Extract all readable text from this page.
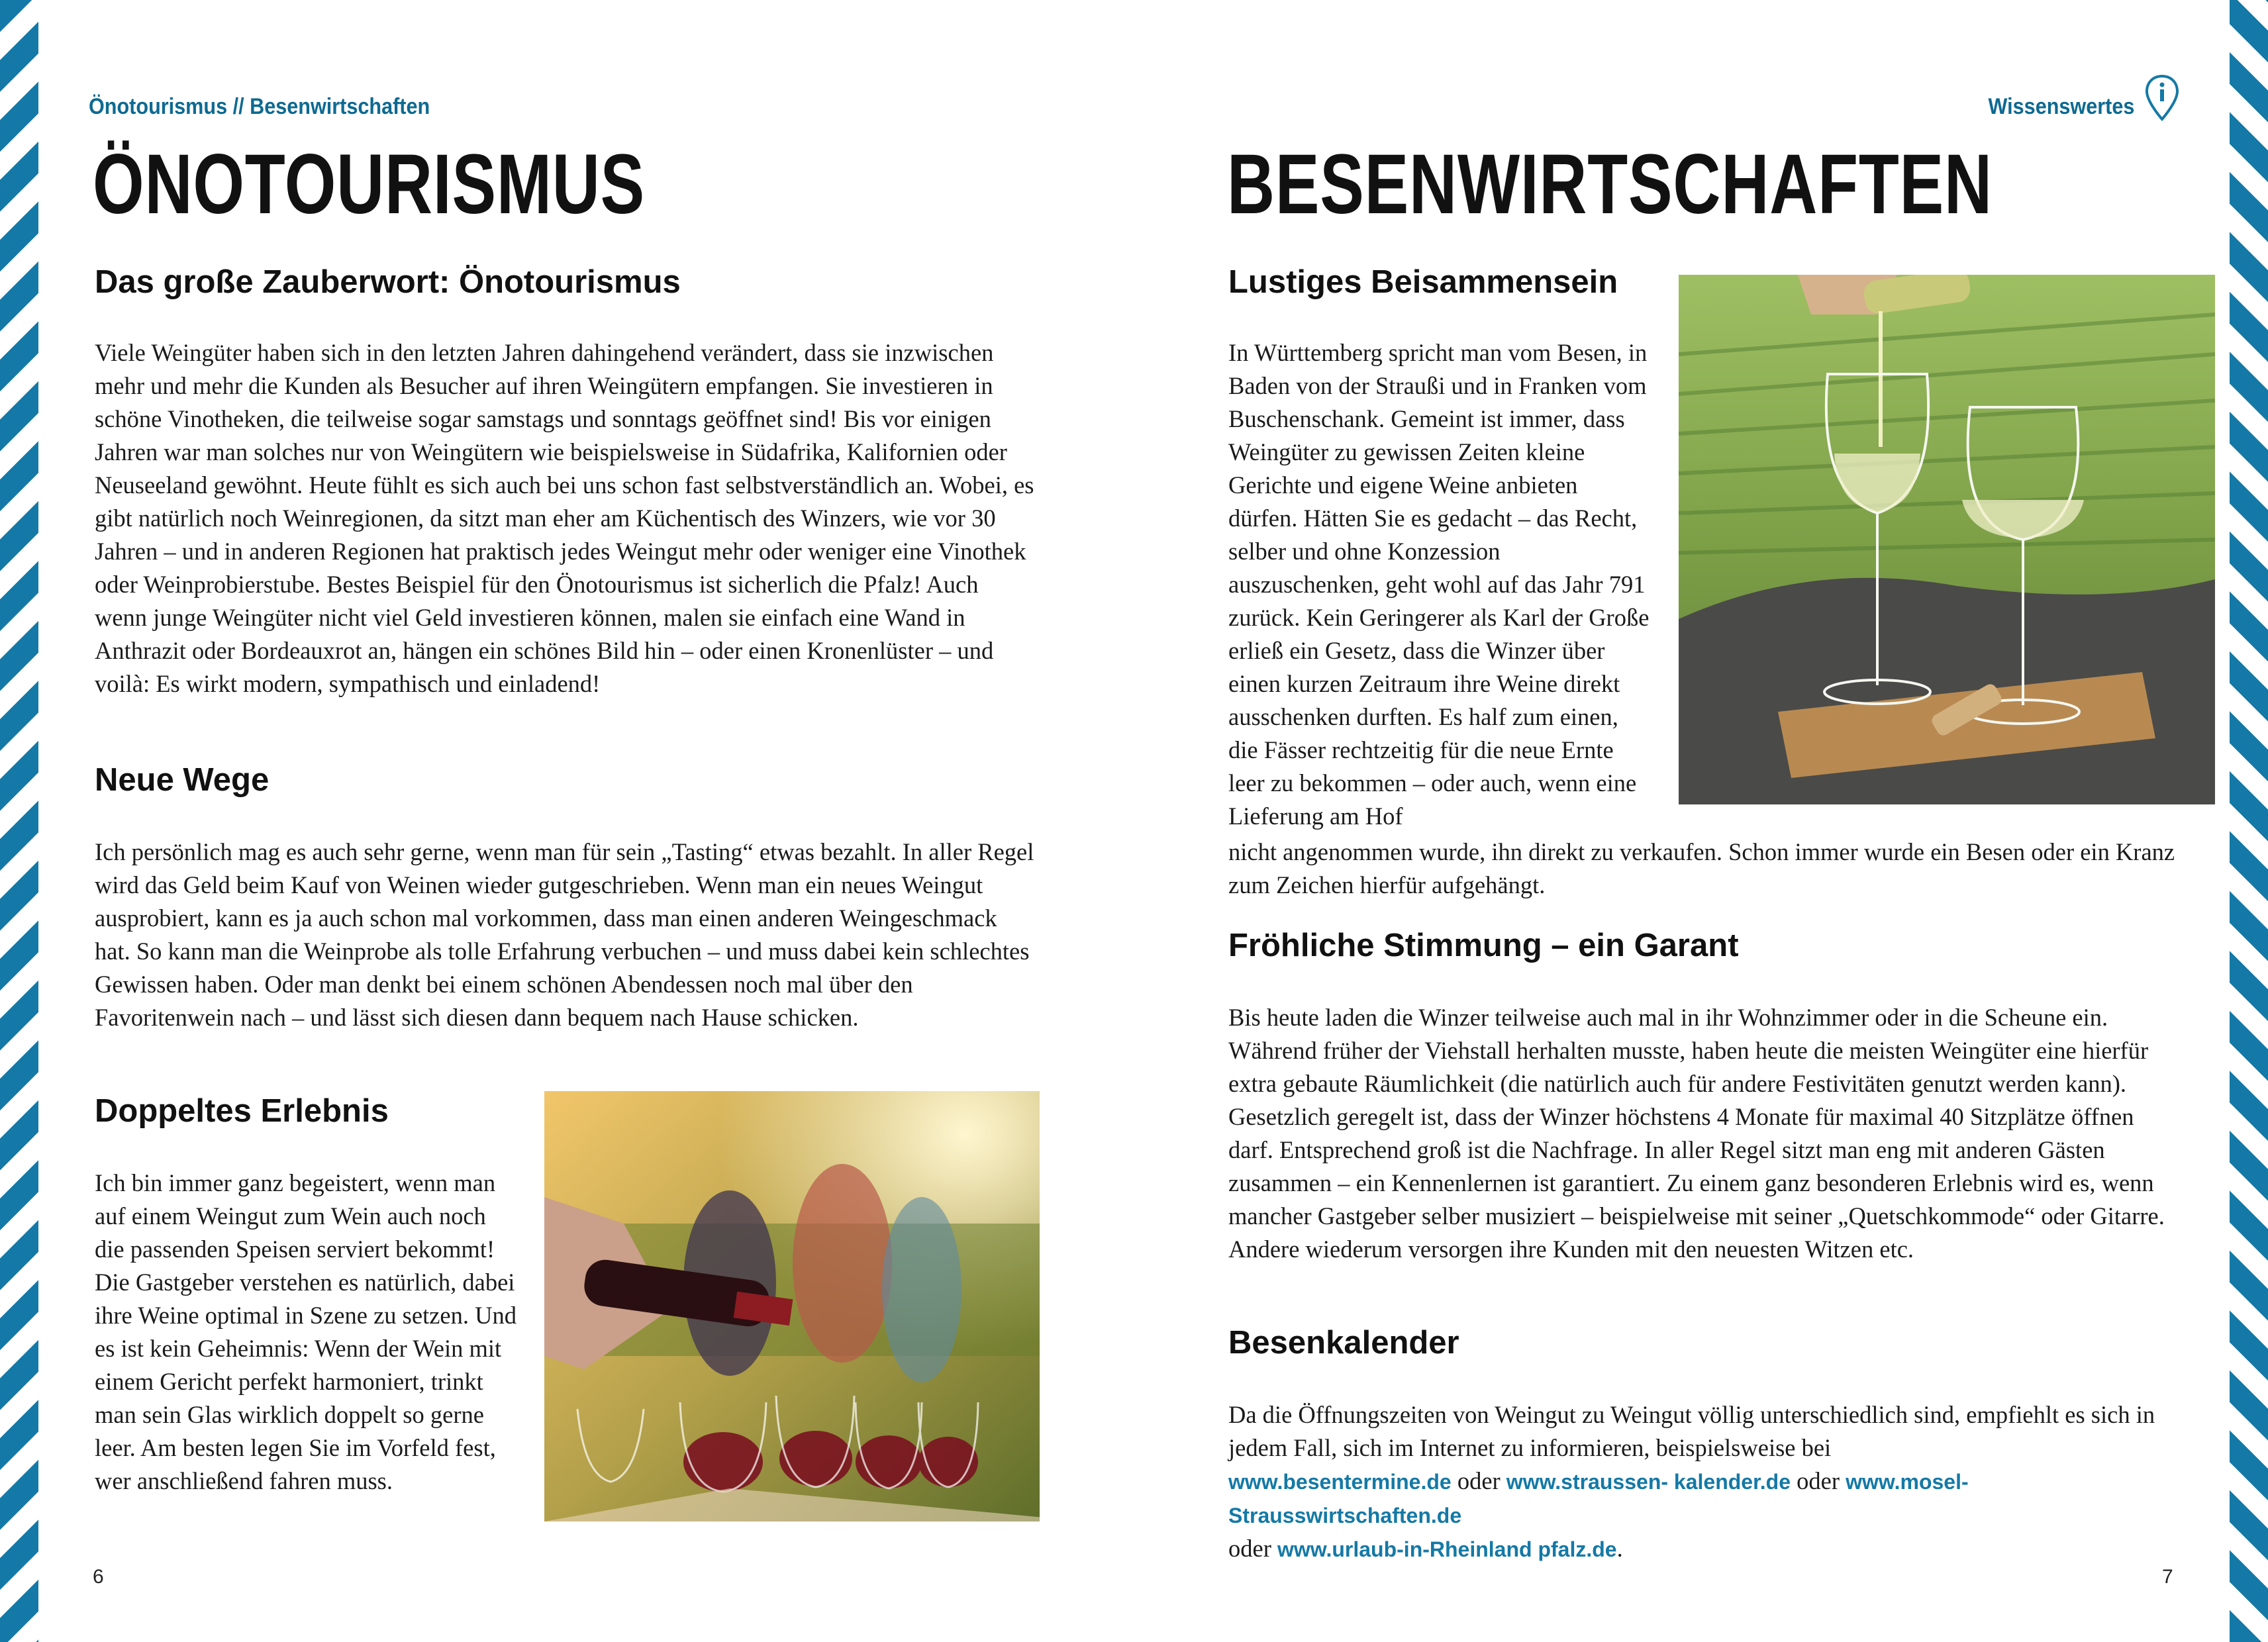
Önotourismus // Besenwirtschaften
ÖNOTOURISMUS
Das große Zauberwort: Önotourismus

Viele Weingüter haben sich in den letzten Jahren dahingehend verändert, dass sie inzwischen mehr und mehr die Kunden als Besucher auf ihren Weingütern empfangen. Sie investieren in schöne Vinotheken, die teilweise sogar samstags und sonntags geöffnet sind! Bis vor einigen Jahren war man solches nur von Weingütern wie beispielsweise in Südafrika, Kalifornien oder Neuseeland gewöhnt. Heute fühlt es sich auch bei uns schon fast selbstverständlich an. Wobei, es gibt natürlich noch Weinregionen, da sitzt man eher am Küchentisch des Winzers, wie vor 30 Jahren – und in anderen Regionen hat praktisch jedes Weingut mehr oder weniger eine Vinothek oder Weinprobierstube. Bestes Beispiel für den Önotourismus ist sicherlich die Pfalz! Auch wenn junge Weingüter nicht viel Geld investieren können, malen sie einfach eine Wand in Anthrazit oder Bordeauxrot an, hängen ein schönes Bild hin – oder einen Kronenlüster – und voilà: Es wirkt modern, sympathisch und einladend!

Neue Wege

Ich persönlich mag es auch sehr gerne, wenn man für sein „Tasting“ etwas bezahlt. In aller Regel wird das Geld beim Kauf von Weinen wieder gutgeschrieben. Wenn man ein neues Weingut ausprobiert, kann es ja auch schon mal vorkommen, dass man einen anderen Weingeschmack hat. So kann man die Weinprobe als tolle Erfahrung verbuchen – und muss dabei kein schlechtes Gewissen haben. Oder man denkt bei einem schönen Abendessen noch mal über den Favoritenwein nach – und lässt sich diesen dann bequem nach Hause schicken.

Doppeltes Erlebnis

Ich bin immer ganz begeistert, wenn man auf einem Weingut zum Wein auch noch die passenden Speisen serviert bekommt! Die Gastgeber verstehen es natürlich, dabei ihre Weine optimal in Szene zu setzen. Und es ist kein Geheimnis: Wenn der Wein mit einem Gericht perfekt harmoniert, trinkt man sein Glas wirklich doppelt so gerne leer. Am besten legen Sie im Vorfeld fest, wer anschließend fahren muss.

6
Wissenswertes
BESENWIRTSCHAFTEN
Lustiges Beisammensein

In Württemberg spricht man vom Besen, in Baden von der Straußi und in Franken vom Buschenschank. Gemeint ist immer, dass Weingüter zu gewissen Zeiten kleine Gerichte und eigene Weine anbieten dürfen. Hätten Sie es gedacht – das Recht, selber und ohne Konzession auszuschenken, geht wohl auf das Jahr 791 zurück. Kein Geringerer als Karl der Große erließ ein Gesetz, dass die Winzer über einen kurzen Zeitraum ihre Weine direkt ausschenken durften. Es half zum einen, die Fässer rechtzeitig für die neue Ernte leer zu bekommen – oder auch, wenn eine Lieferung am Hof

nicht angenommen wurde, ihn direkt zu verkaufen. Schon immer wurde ein Besen oder ein Kranz zum Zeichen hierfür aufgehängt.

Fröhliche Stimmung – ein Garant

Bis heute laden die Winzer teilweise auch mal in ihr Wohnzimmer oder in die Scheune ein. Während früher der Viehstall herhalten musste, haben heute die meisten Weingüter eine hierfür extra gebaute Räumlichkeit (die natürlich auch für andere Festivitäten genutzt werden kann). Gesetzlich geregelt ist, dass der Winzer höchstens 4 Monate für maximal 40 Sitzplätze öffnen darf. Entsprechend groß ist die Nachfrage. In aller Regel sitzt man eng mit anderen Gästen zusammen – ein Kennenlernen ist garantiert. Zu einem ganz besonderen Erlebnis wird es, wenn mancher Gastgeber selber musiziert – beispielweise mit seiner „Quetschkommode“ oder Gitarre. Andere wiederum versorgen ihre Kunden mit den neuesten Witzen etc.

Besenkalender

Da die Öffnungszeiten von Weingut zu Weingut völlig unterschiedlich sind, empfiehlt es sich in jedem Fall, sich im Internet zu informieren, beispielsweise bei
www.besentermine.de oder www.straussen- kalender.de oder www.mosel-Strausswirtschaften.de
oder www.urlaub-in-Rheinland pfalz.de.

7
